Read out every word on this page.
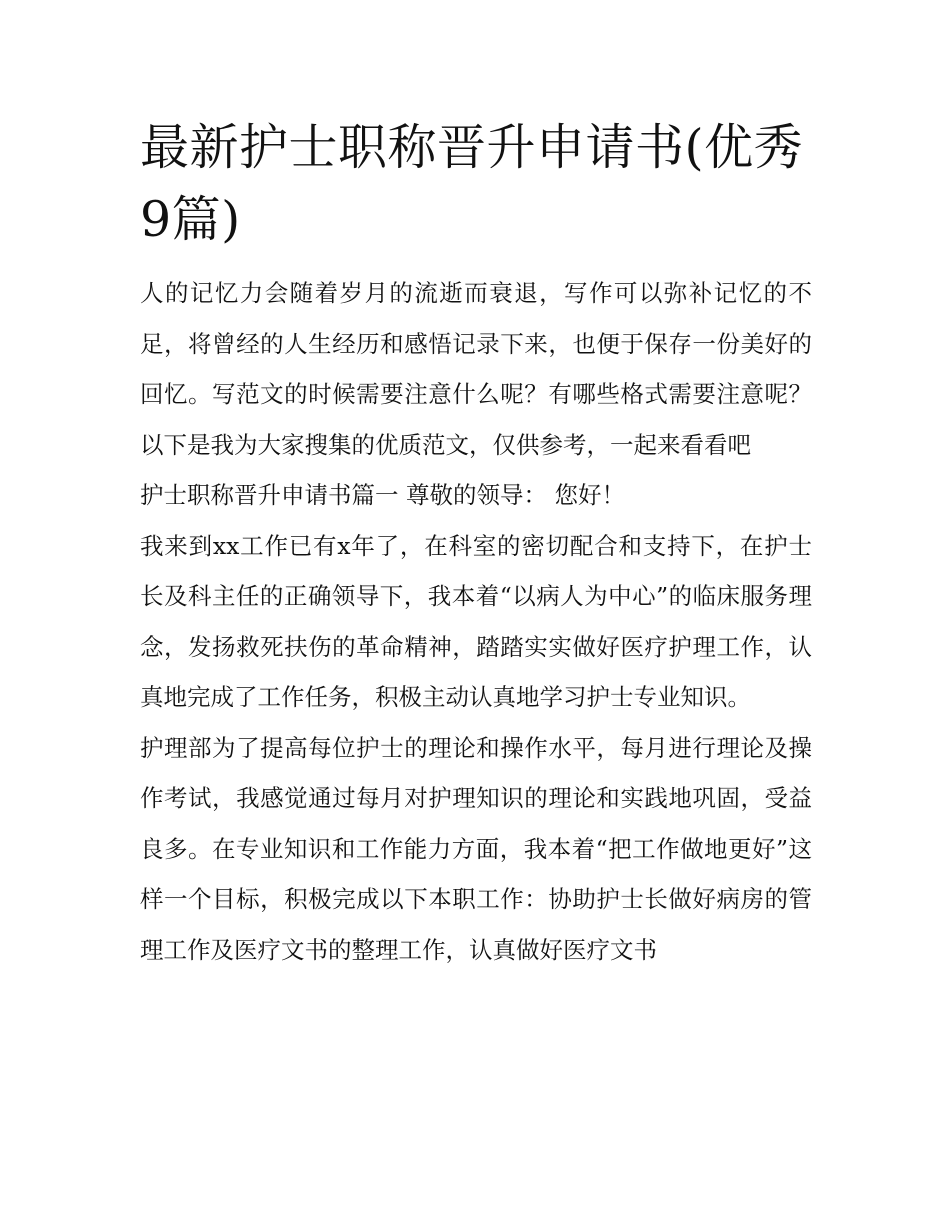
最新护士职称晋升申请书(优秀9篇)

人的记忆力会随着岁月的流逝而衰退，写作可以弥补记忆的不足，将曾经的人生经历和感悟记录下来，也便于保存一份美好的回忆。写范文的时候需要注意什么呢？有哪些格式需要注意呢？以下是我为大家搜集的优质范文，仅供参考，一起来看看吧

护士职称晋升申请书篇一 尊敬的领导： 您好！

我来到xx工作已有x年了，在科室的密切配合和支持下，在护士长及科主任的正确领导下，我本着“以病人为中心”的临床服务理念，发扬救死扶伤的革命精神，踏踏实实做好医疗护理工作，认真地完成了工作任务，积极主动认真地学习护士专业知识。

护理部为了提高每位护士的理论和操作水平，每月进行理论及操作考试，我感觉通过每月对护理知识的理论和实践地巩固，受益良多。在专业知识和工作能力方面，我本着“把工作做地更好”这样一个目标，积极完成以下本职工作：协助护士长做好病房的管理工作及医疗文书的整理工作，认真做好医疗文书
